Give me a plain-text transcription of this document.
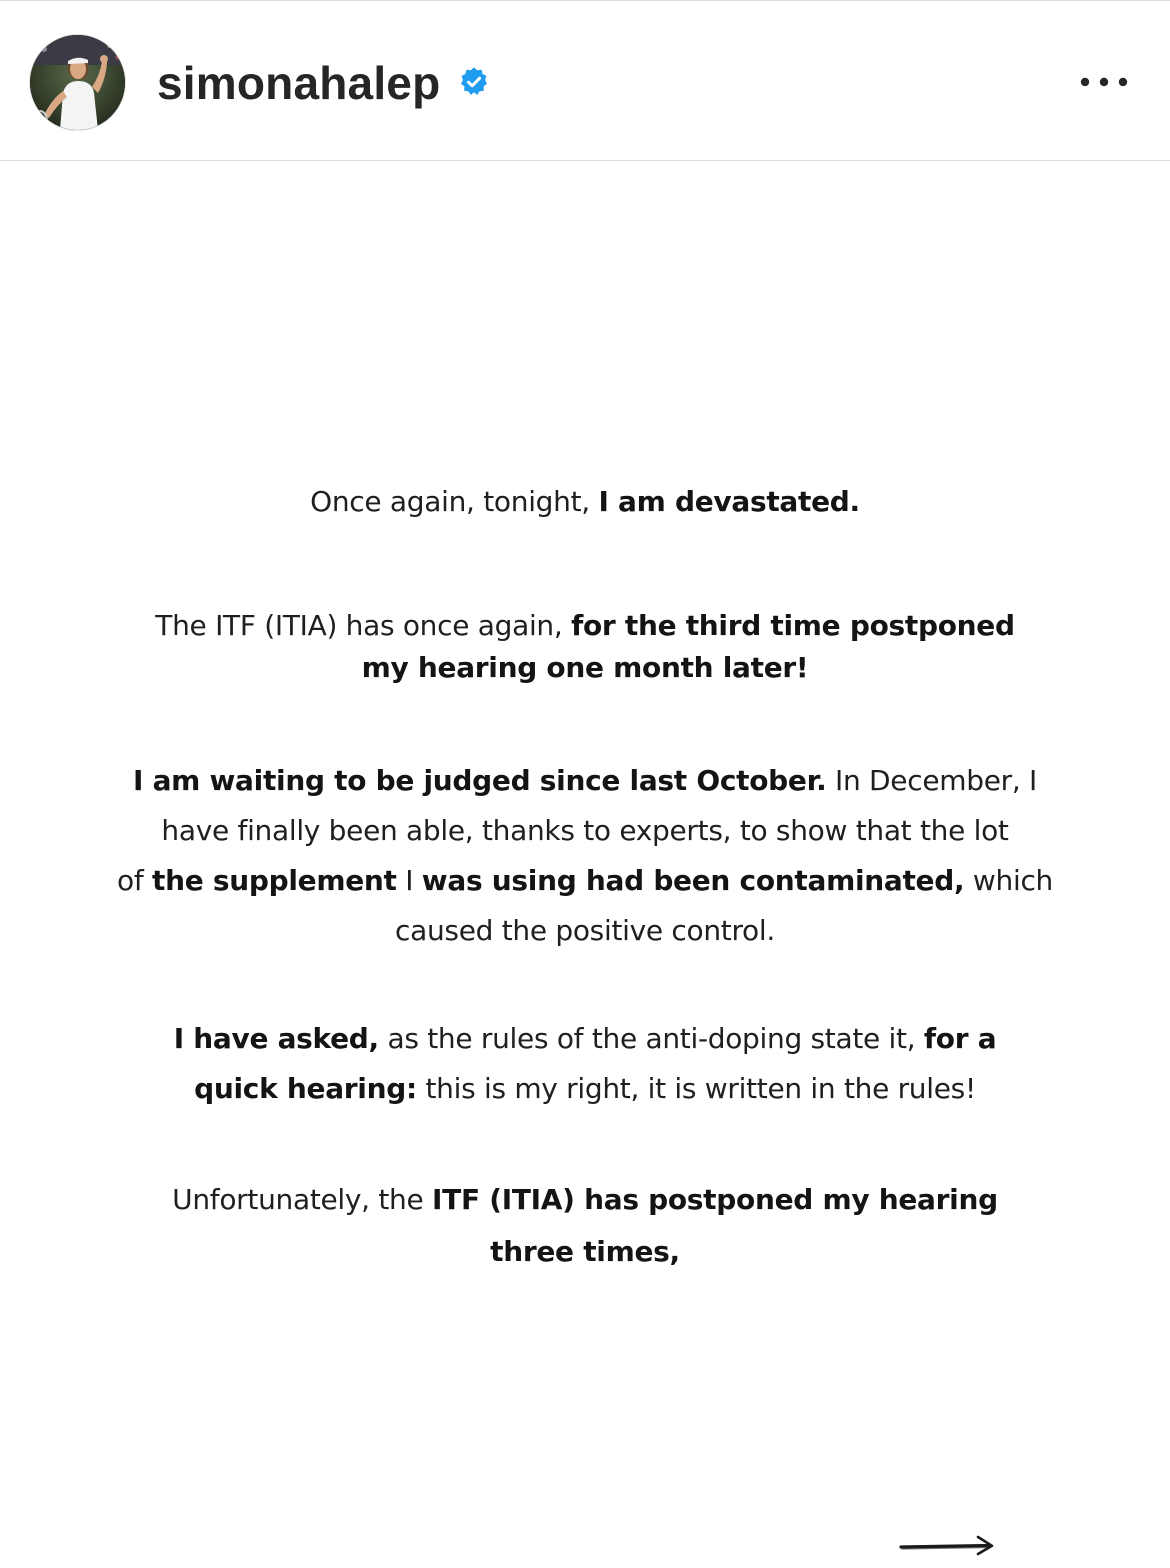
simonahalep
Once again, tonight, I am devastated.
The ITF (ITIA) has once again, for the third time postponed
my hearing one month later!
I am waiting to be judged since last October. In December, I
have finally been able, thanks to experts, to show that the lot
of the supplement I was using had been contaminated, which
caused the positive control.
I have asked, as the rules of the anti-doping state it, for a
quick hearing: this is my right, it is written in the rules!
Unfortunately, the ITF (ITIA) has postponed my hearing
three times,
